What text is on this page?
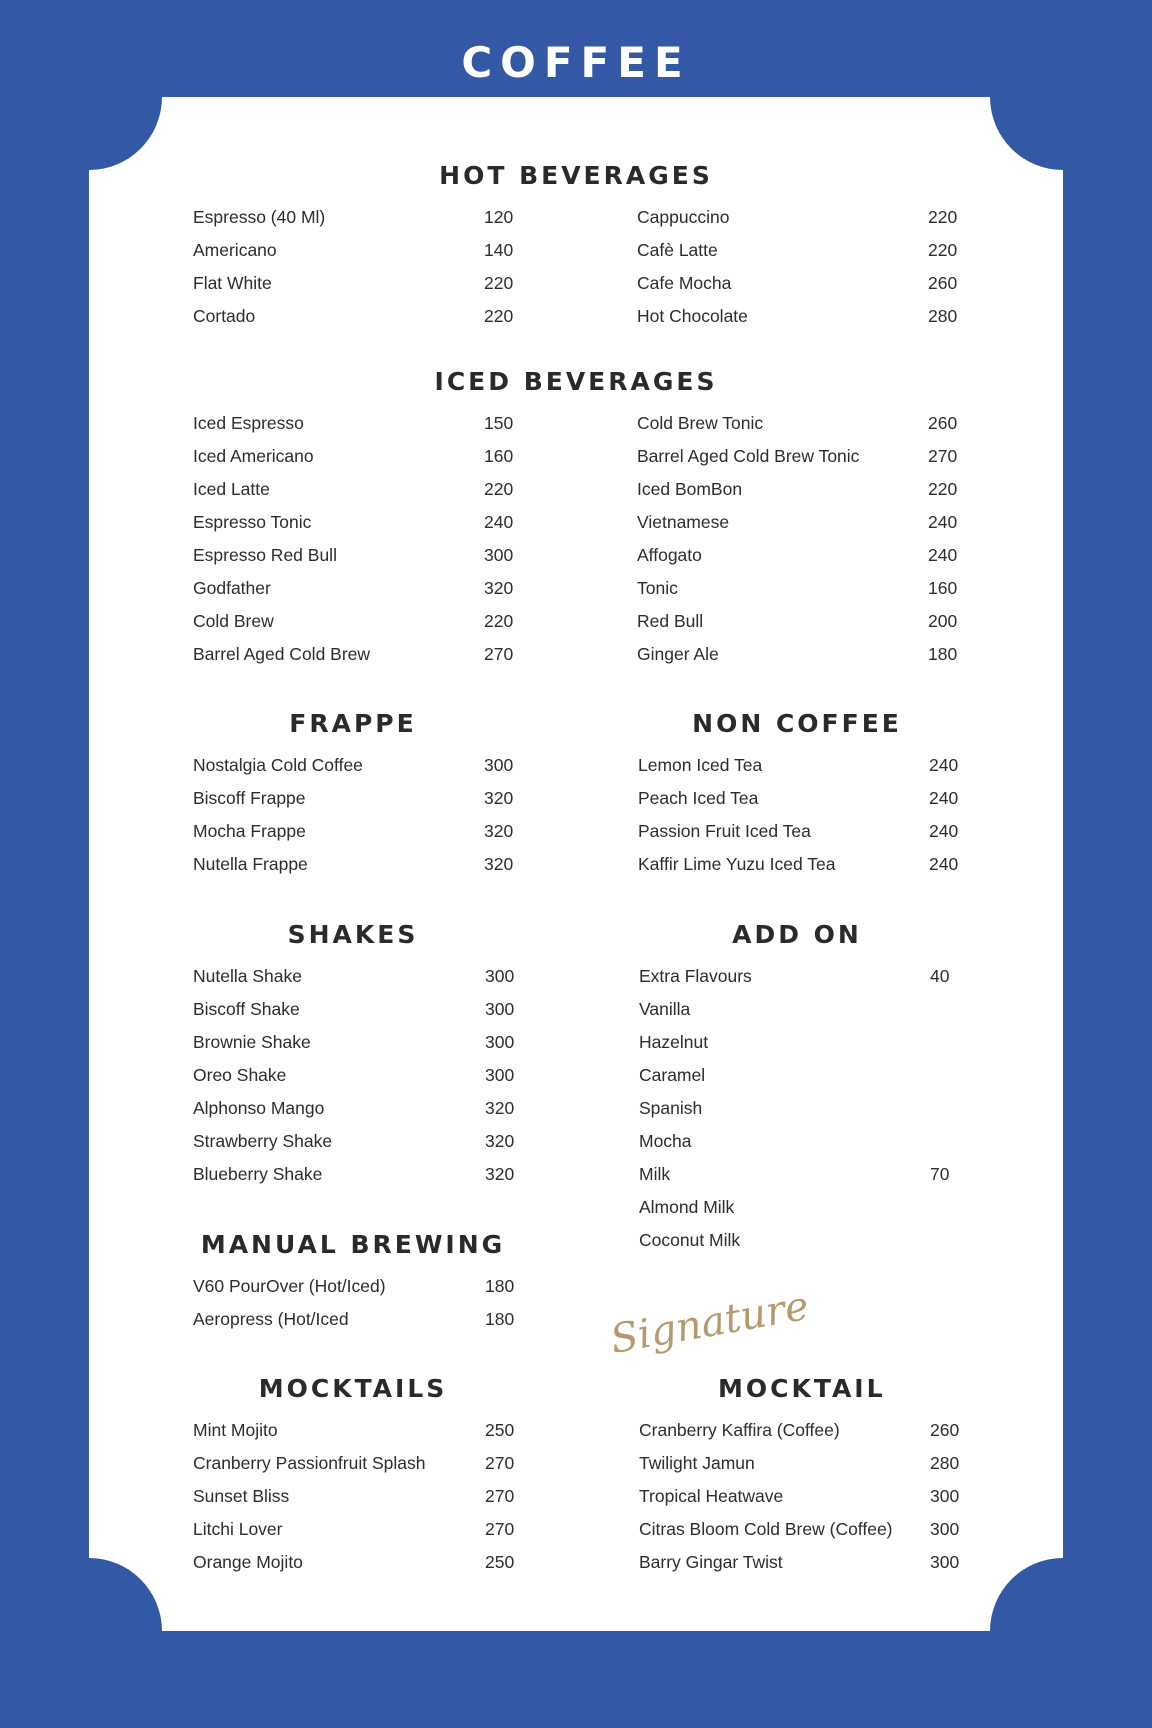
COFFEE
HOT BEVERAGES
ICED BEVERAGES
FRAPPE	NON COFFEE
SHAKES	ADD ON
MANUAL BREWING
MOCKTAILS
Signature
MOCKTAIL
Espresso (40 Ml)	120
Americano	140
Flat White	220
Cortado	220
Cappuccino	220
Cafè Latte	220
Cafe Mocha	260
Hot Chocolate	280
Iced Espresso	150
Iced Americano	160
Iced Latte	220
Espresso Tonic	240
Espresso Red Bull	300
Godfather	320
Cold Brew	220
Barrel Aged Cold Brew	270
Cold Brew Tonic	260
Barrel Aged Cold Brew Tonic	270
Iced BomBon	220
Vietnamese	240
Affogato	240
Tonic	160
Red Bull	200
Ginger Ale	180
Nostalgia Cold Coffee	300
Biscoff Frappe	320
Mocha Frappe	320
Nutella Frappe	320
Lemon Iced Tea	240
Peach Iced Tea	240
Passion Fruit Iced Tea	240
Kaffir Lime Yuzu Iced Tea	240
Nutella Shake	300
Biscoff Shake	300
Brownie Shake	300
Oreo Shake	300
Alphonso Mango	320
Strawberry Shake	320
Blueberry Shake	320
Extra Flavours	40
Vanilla
Hazelnut
Caramel
Spanish
Mocha
Milk	70
Almond Milk
Coconut Milk
V60 PourOver (Hot/Iced)	180
Aeropress (Hot/Iced	180
Mint Mojito	250
Cranberry Passionfruit Splash	270
Sunset Bliss	270
Litchi Lover	270
Orange Mojito	250
Cranberry Kaffira (Coffee)	260
Twilight Jamun	280
Tropical Heatwave	300
Citras Bloom Cold Brew (Coffee) 300
Barry Gingar Twist	300
